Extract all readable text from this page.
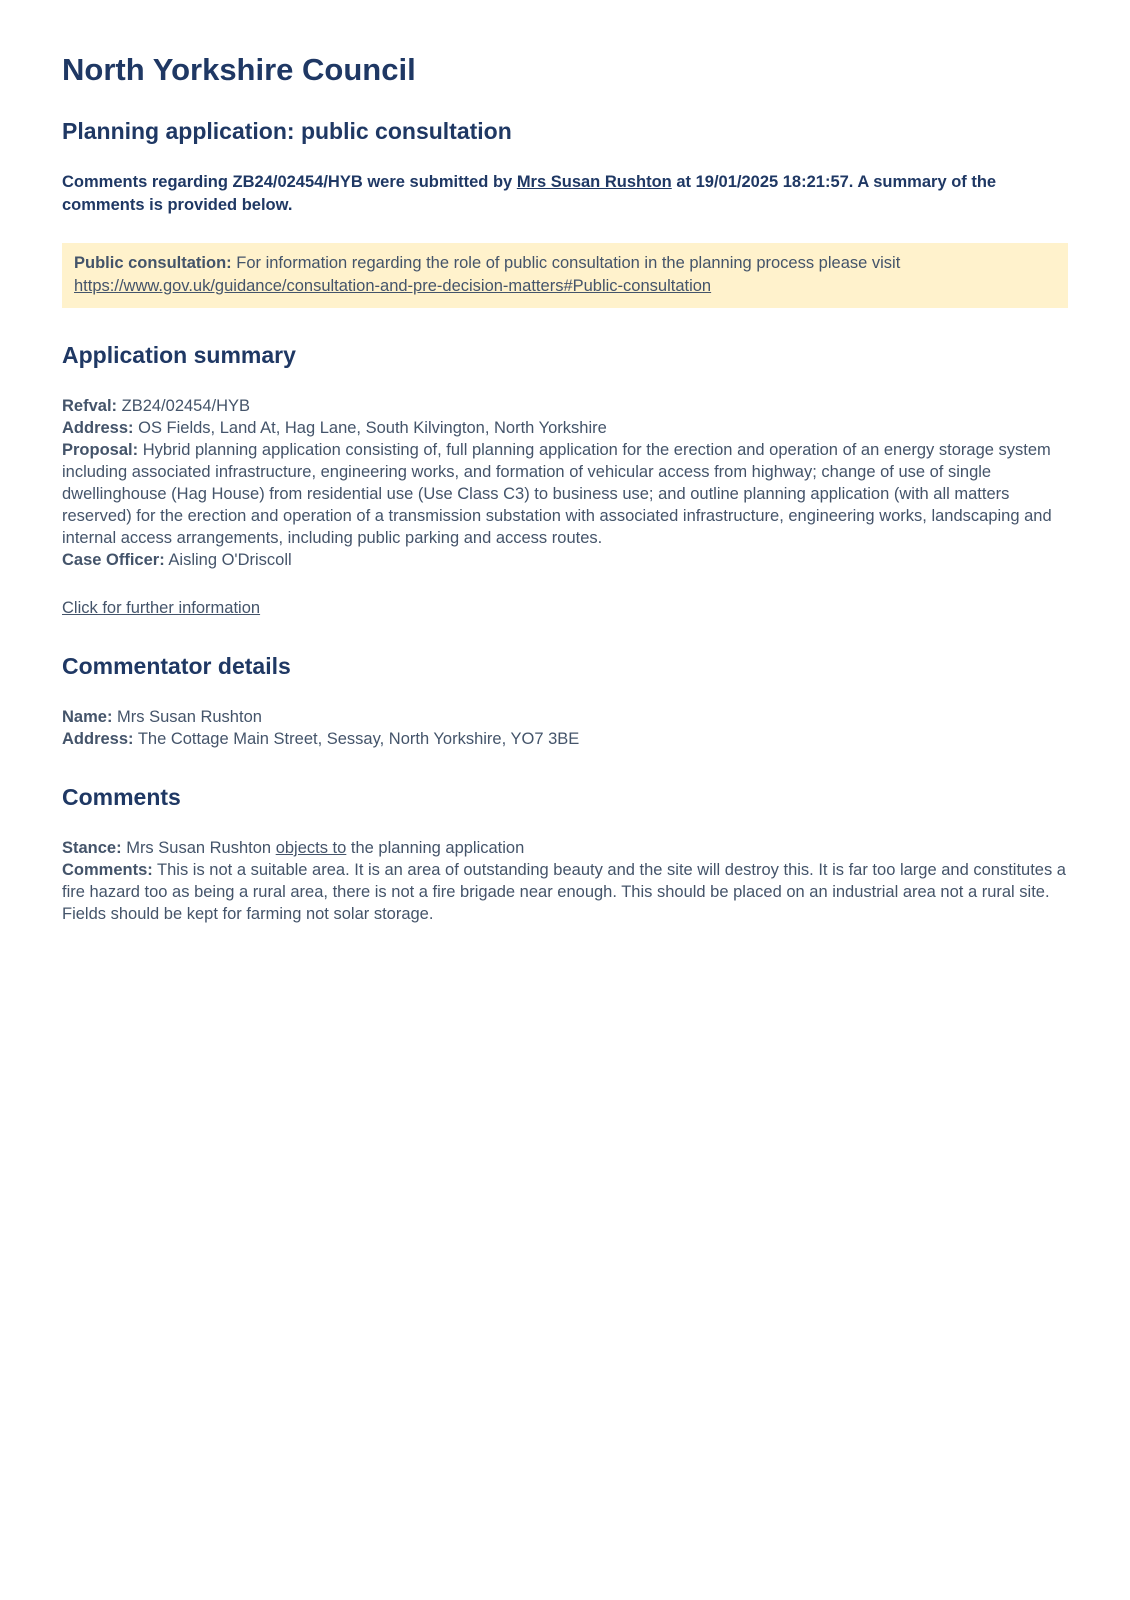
North Yorkshire Council
Planning application: public consultation

Comments regarding ZB24/02454/HYB were submitted by Mrs Susan Rushton at 19/01/2025 18:21:57. A summary of the comments is provided below.

Public consultation: For information regarding the role of public consultation in the planning process please visit https://www.gov.uk/guidance/consultation-and-pre-decision-matters#Public-consultation
Application summary
Refval: ZB24/02454/HYB
Address: OS Fields, Land At, Hag Lane, South Kilvington, North Yorkshire
Proposal: Hybrid planning application consisting of, full planning application for the erection and operation of an energy storage system including associated infrastructure, engineering works, and formation of vehicular access from highway; change of use of single dwellinghouse (Hag House) from residential use (Use Class C3) to business use; and outline planning application (with all matters reserved) for the erection and operation of a transmission substation with associated infrastructure, engineering works, landscaping and internal access arrangements, including public parking and access routes.
Case Officer: Aisling O'Driscoll
Click for further information
Commentator details
Name: Mrs Susan Rushton
Address: The Cottage Main Street, Sessay, North Yorkshire, YO7 3BE
Comments
Stance: Mrs Susan Rushton objects to the planning application
Comments: This is not a suitable area. It is an area of outstanding beauty and the site will destroy this. It is far too large and constitutes a fire hazard too as being a rural area, there is not a fire brigade near enough. This should be placed on an industrial area not a rural site. Fields should be kept for farming not solar storage.
